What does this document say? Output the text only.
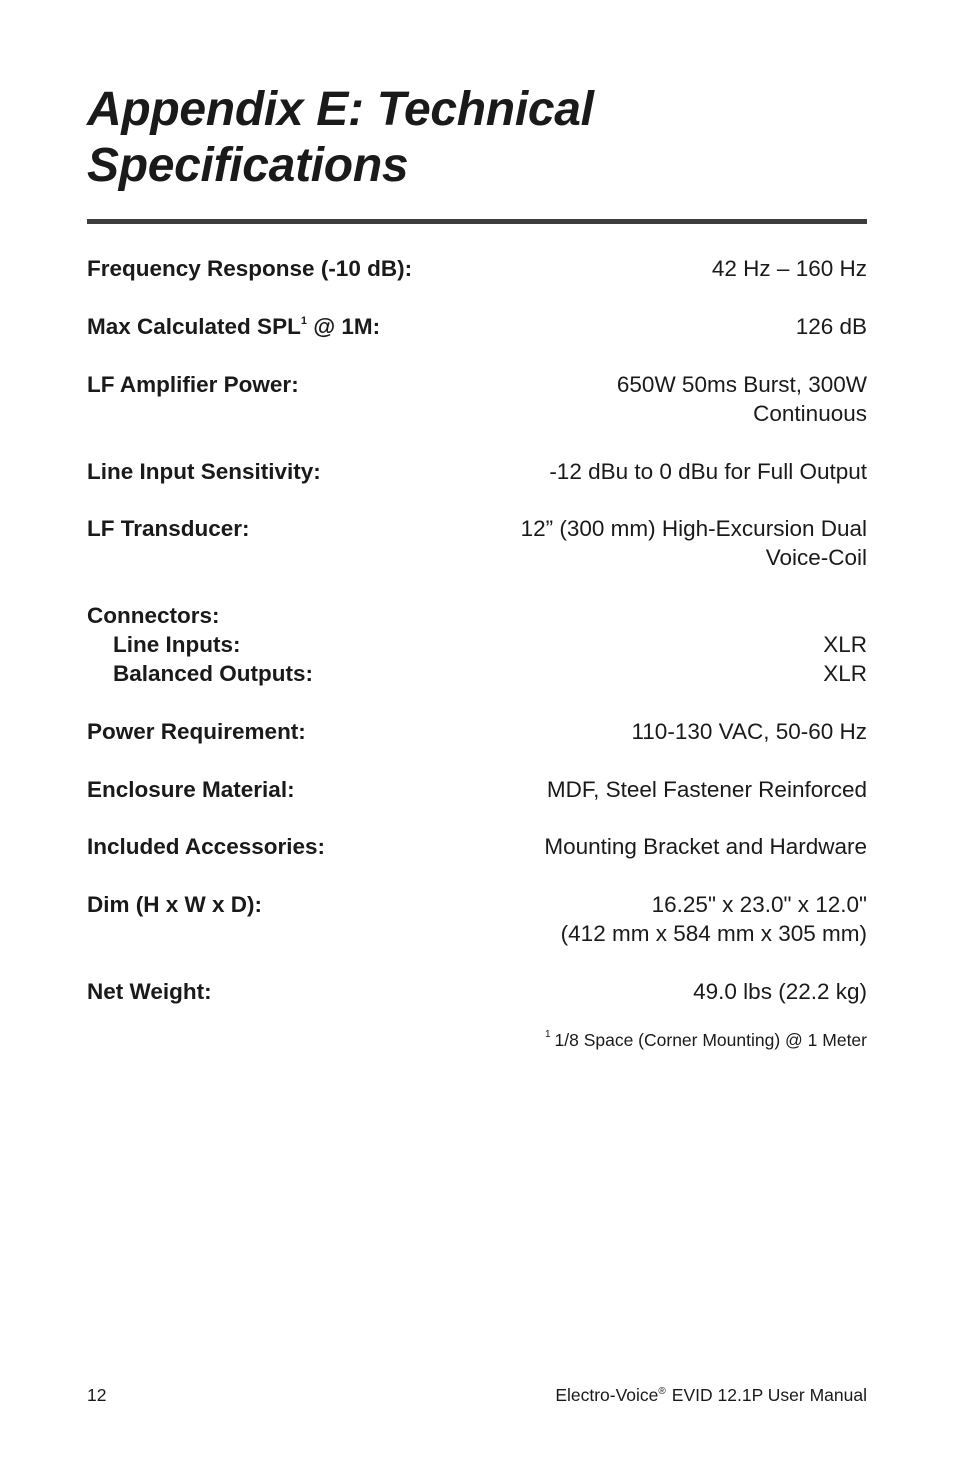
Appendix E: Technical Specifications
Frequency Response (-10 dB):	42 Hz – 160 Hz
Max Calculated SPL$^1$ @ 1M:	126 dB
LF Amplifier Power:	650W 50ms Burst, 300W
Continuous
Line Input Sensitivity:	-12 dBu to 0 dBu for Full Output
LF Transducer:	12” (300 mm) High-Excursion Dual
Voice-Coil
Connectors:
Line Inputs:	XLR
Balanced Outputs:	XLR
Power Requirement:	110-130 VAC, 50-60 Hz
Enclosure Material:	MDF, Steel Fastener Reinforced
Included Accessories:	Mounting Bracket and Hardware
Dim (H x W x D):	16.25" x 23.0" x 12.0"
(412 mm x 584 mm x 305 mm)
Net Weight:	49.0 lbs (22.2 kg)
$^1$ 1/8 Space (Corner Mounting) @ 1 Meter
12	Electro-Voice® EVID 12.1P User Manual
